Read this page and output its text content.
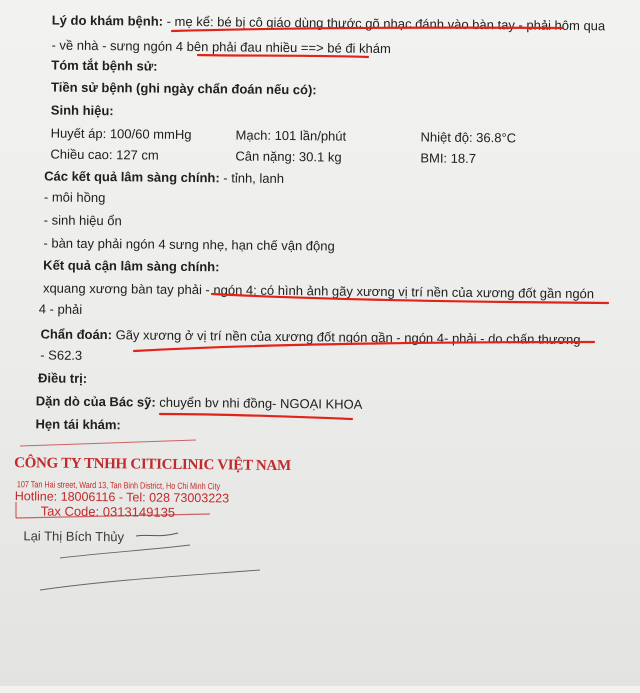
Lý do khám bệnh: - mẹ kể: bé bị cô giáo dùng thước gõ nhạc đánh vào bàn tay - phải hôm qua
- về nhà - sưng ngón 4 bên phải đau nhiều ==> bé đi khám
Tóm tắt bệnh sử:
Tiền sử bệnh (ghi ngày chẩn đoán nếu có):
Sinh hiệu:
Huyết áp: 100/60 mmHg	Mạch: 101 lần/phút	Nhiệt độ: 36.8°C
Chiều cao: 127 cm	Cân nặng: 30.1 kg	BMI: 18.7
Các kết quả lâm sàng chính: - tỉnh, lanh
- môi hồng
- sinh hiệu ổn
- bàn tay phải ngón 4 sưng nhẹ, hạn chế vận động
Kết quả cận lâm sàng chính:
xquang xương bàn tay phải - ngón 4: có hình ảnh gãy xương vị trí nền của xương đốt gần ngón
4 - phải
Chẩn đoán: Gãy xương ở vị trí nền của xương đốt ngón gần - ngón 4- phải - do chấn thương
- S62.3
Điều trị:
Dặn dò của Bác sỹ: chuyển bv nhi đồng- NGOẠI KHOA
Hẹn tái khám:
CÔNG TY TNHH CITICLINIC VIỆT NAM
107 Tan Hai street, Ward 13, Tan Binh District, Ho Chi Minh City
Hotline: 18006116 - Tel: 028 73003223
Tax Code: 0313149135
Lại Thị Bích Thủy
